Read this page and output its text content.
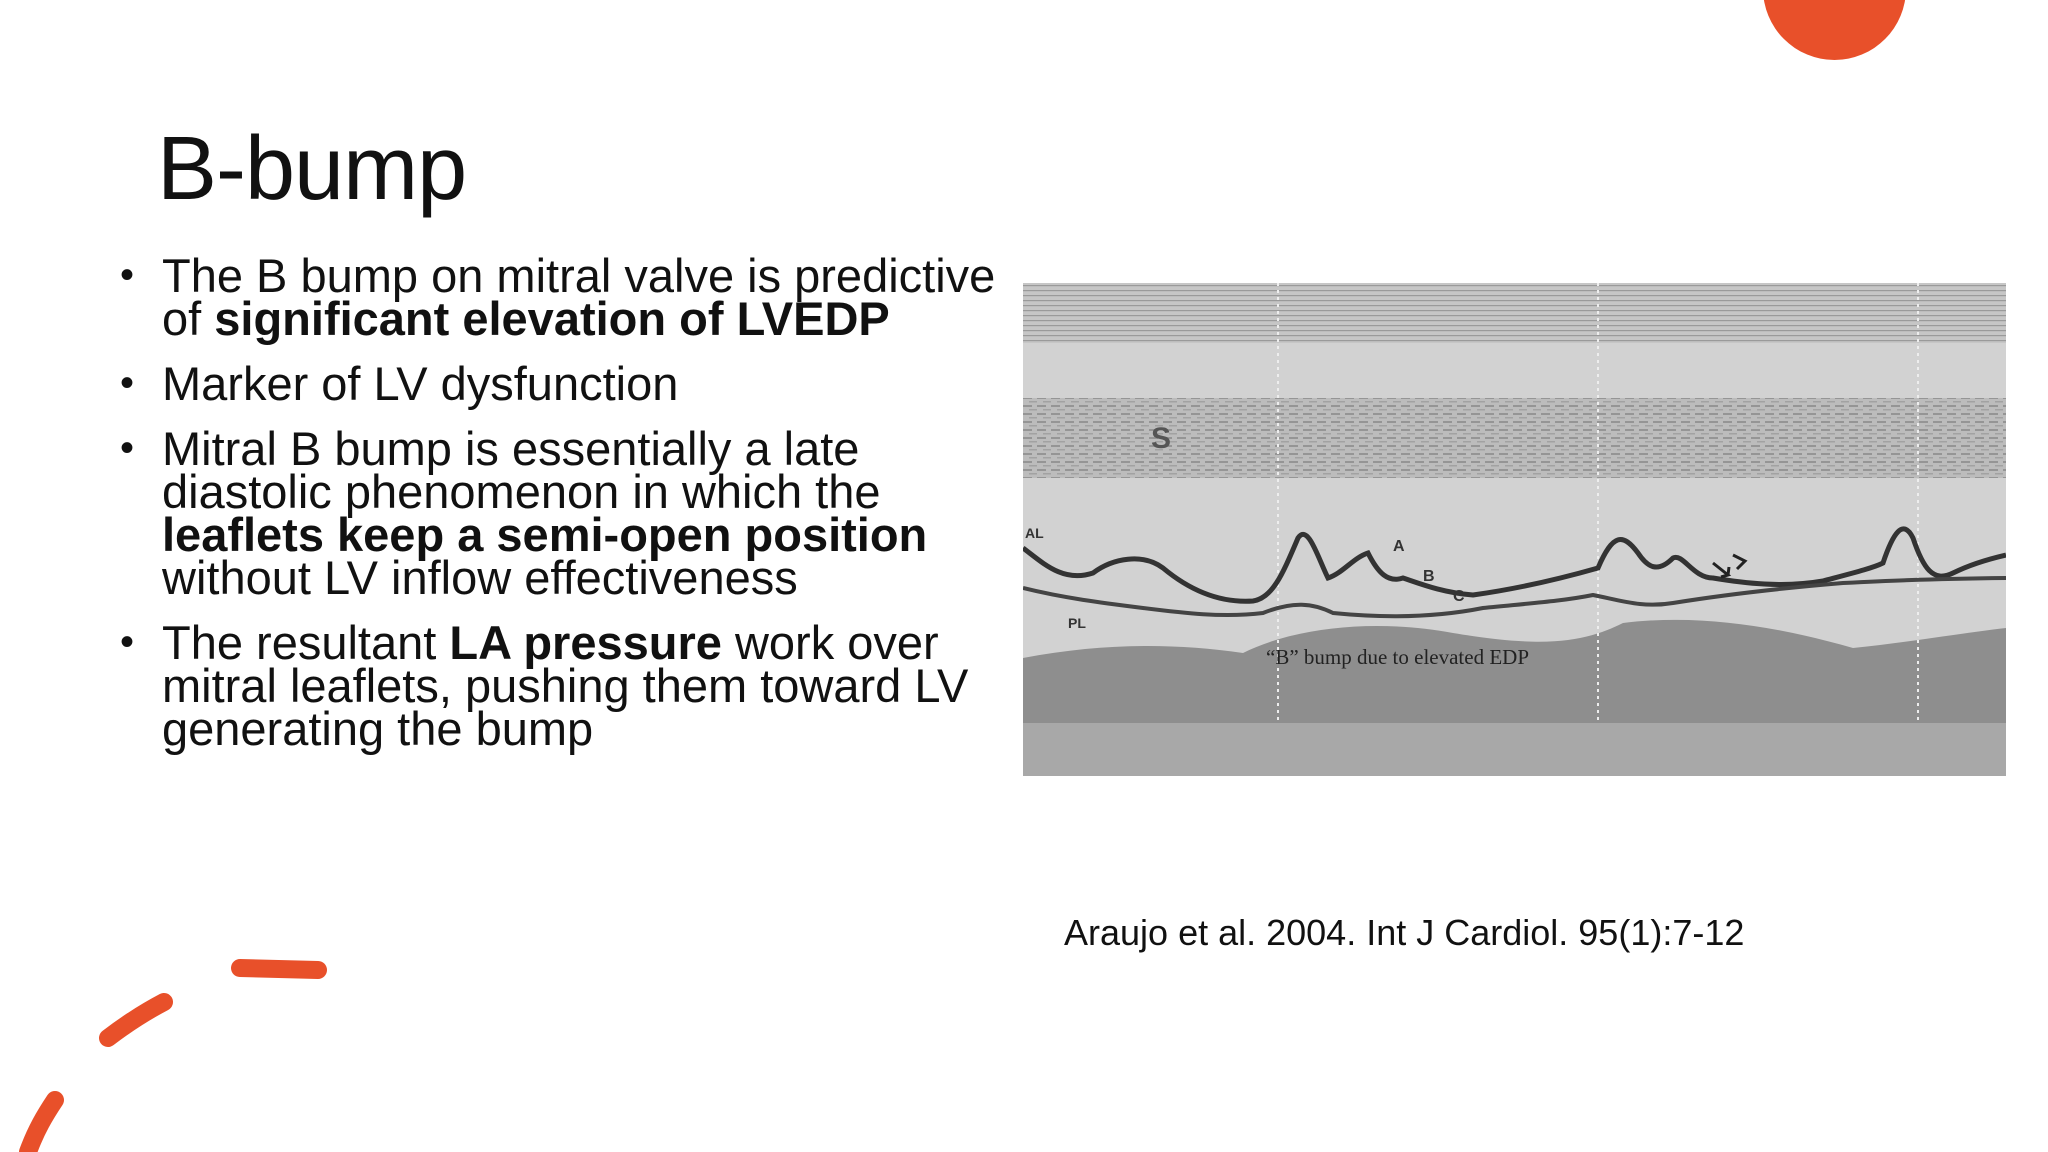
B-bump
• The B bump on mitral valve is predictive of significant elevation of LVEDP
• Marker of LV dysfunction
• Mitral B bump is essentially a late diastolic phenomenon in which the leaflets keep a semi-open position without LV inflow effectiveness
• The resultant LA pressure work over mitral leaflets, pushing them toward LV generating the bump
S
AL
PL
A
B
C
“B” bump due to elevated EDP
Araujo et al. 2004. Int J Cardiol. 95(1):7-12
